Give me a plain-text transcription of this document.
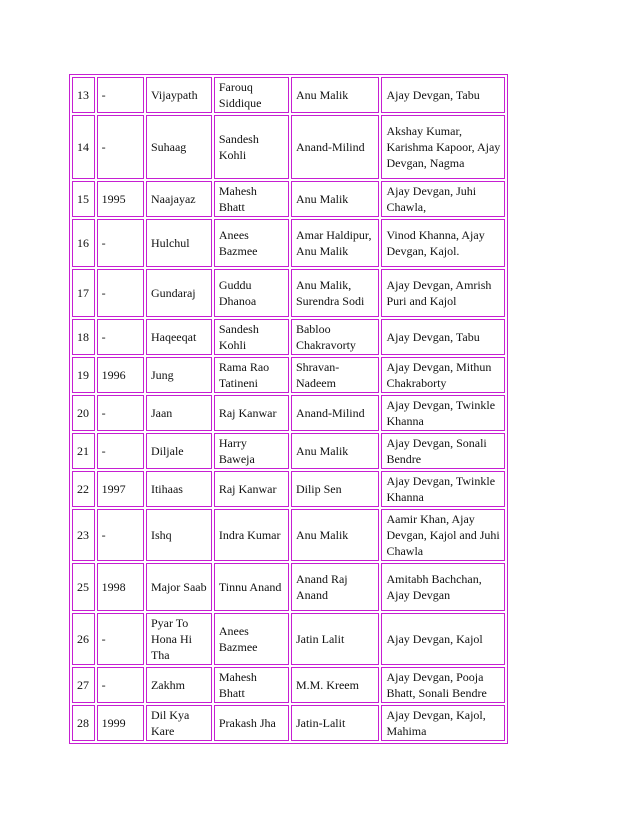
13	-	Vijaypath	Farouq Siddique	Anu Malik	Ajay Devgan, Tabu
14	-	Suhaag	Sandesh Kohli	Anand-Milind	Akshay Kumar, Karishma Kapoor, Ajay Devgan, Nagma
15	1995	Naajayaz	Mahesh Bhatt	Anu Malik	Ajay Devgan, Juhi Chawla,
16	-	Hulchul	Anees Bazmee	Amar Haldipur, Anu Malik	Vinod Khanna, Ajay Devgan, Kajol.
17	-	Gundaraj	Guddu Dhanoa	Anu Malik, Surendra Sodi	Ajay Devgan, Amrish Puri and Kajol
18	-	Haqeeqat	Sandesh Kohli	Babloo Chakravorty	Ajay Devgan, Tabu
19	1996	Jung	Rama Rao Tatineni	Shravan-Nadeem	Ajay Devgan, Mithun Chakraborty
20	-	Jaan	Raj Kanwar	Anand-Milind	Ajay Devgan, Twinkle Khanna
21	-	Diljale	Harry Baweja	Anu Malik	Ajay Devgan, Sonali Bendre
22	1997	Itihaas	Raj Kanwar	Dilip Sen	Ajay Devgan, Twinkle Khanna
23	-	Ishq	Indra Kumar	Anu Malik	Aamir Khan, Ajay Devgan, Kajol and Juhi Chawla
25	1998	Major Saab	Tinnu Anand	Anand Raj Anand	Amitabh Bachchan, Ajay Devgan
26	-	Pyar To Hona Hi Tha	Anees Bazmee	Jatin Lalit	Ajay Devgan, Kajol
27	-	Zakhm	Mahesh Bhatt	M.M. Kreem	Ajay Devgan, Pooja Bhatt, Sonali Bendre
28	1999	Dil Kya Kare	Prakash Jha	Jatin-Lalit	Ajay Devgan, Kajol, Mahima
